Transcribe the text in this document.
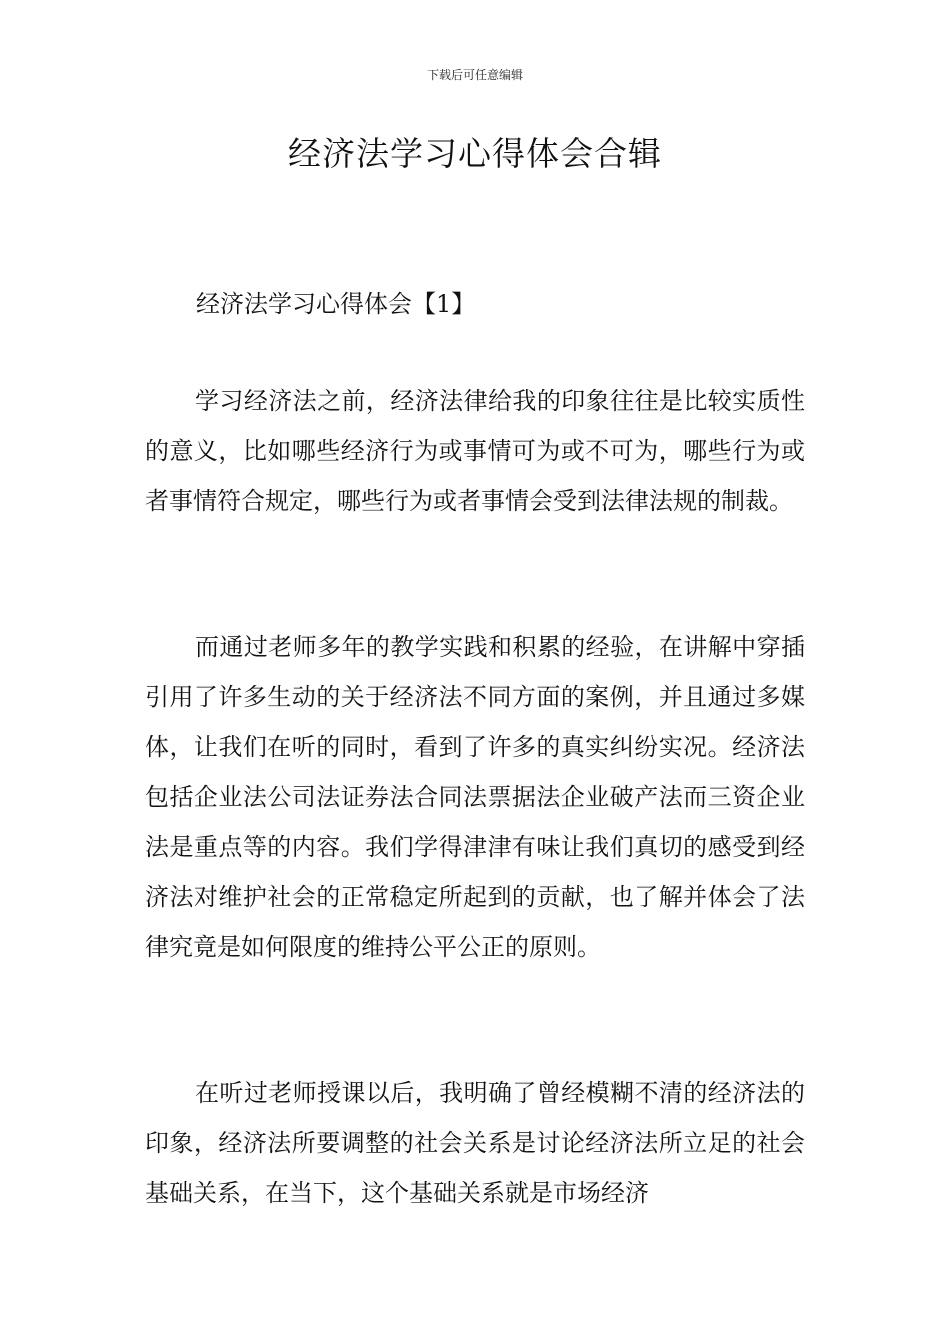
下载后可任意编辑
经济法学习心得体会合辑
经济法学习心得体会【1】

学习经济法之前，经济法律给我的印象往往是比较实质性的意义，比如哪些经济行为或事情可为或不可为，哪些行为或者事情符合规定，哪些行为或者事情会受到法律法规的制裁。

而通过老师多年的教学实践和积累的经验，在讲解中穿插引用了许多生动的关于经济法不同方面的案例，并且通过多媒体，让我们在听的同时，看到了许多的真实纠纷实况。经济法包括企业法公司法证券法合同法票据法企业破产法而三资企业法是重点等的内容。我们学得津津有味让我们真切的感受到经济法对维护社会的正常稳定所起到的贡献，也了解并体会了法律究竟是如何限度的维持公平公正的原则。

在听过老师授课以后，我明确了曾经模糊不清的经济法的印象，经济法所要调整的社会关系是讨论经济法所立足的社会基础关系，在当下，这个基础关系就是市场经济
